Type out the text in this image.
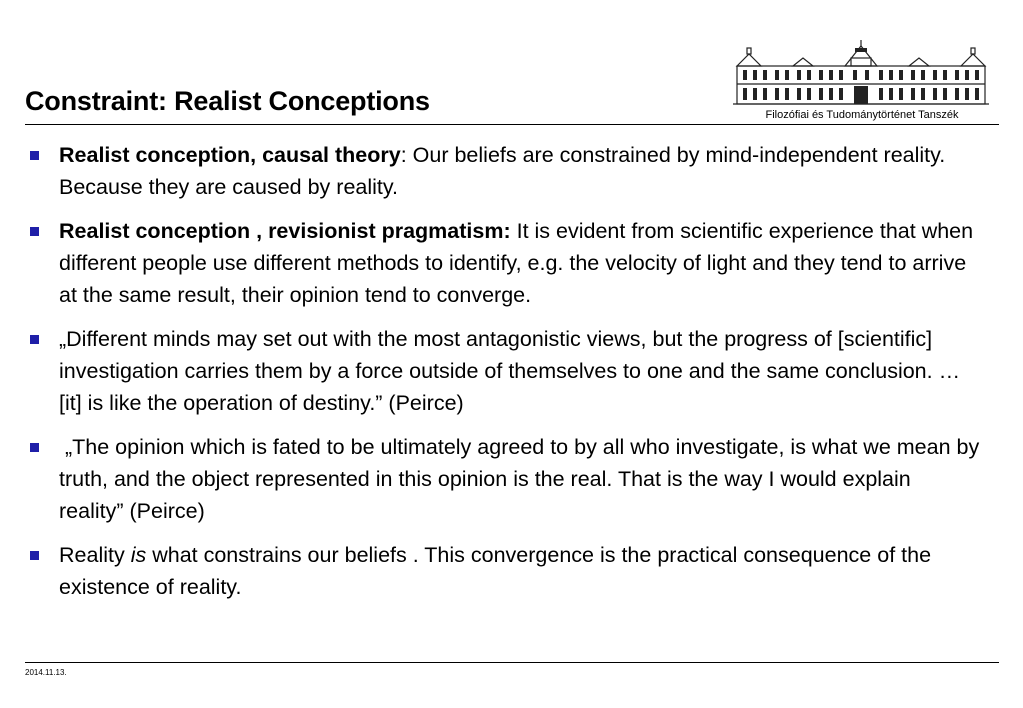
Constraint: Realist Conceptions	Filozófiai és Tudománytörténet Tanszék
Realist conception, causal theory: Our beliefs are constrained by mind-independent reality. Because they are caused by reality.
Realist conception , revisionist pragmatism: It is evident from scientific experience that when different people use different methods to identify, e.g. the velocity of light and they tend to arrive at the same result, their opinion tend to converge.
„Different minds may set out with the most antagonistic views, but the progress of [scientific] investigation carries them by a force outside of themselves to one and the same conclusion. …[it] is like the operation of destiny.” (Peirce)
„The opinion which is fated to be ultimately agreed to by all who investigate, is what we mean by truth, and the object represented in this opinion is the real. That is the way I would explain reality” (Peirce)
Reality is what constrains our beliefs . This convergence is the practical consequence of the existence of reality.
2014.11.13.
